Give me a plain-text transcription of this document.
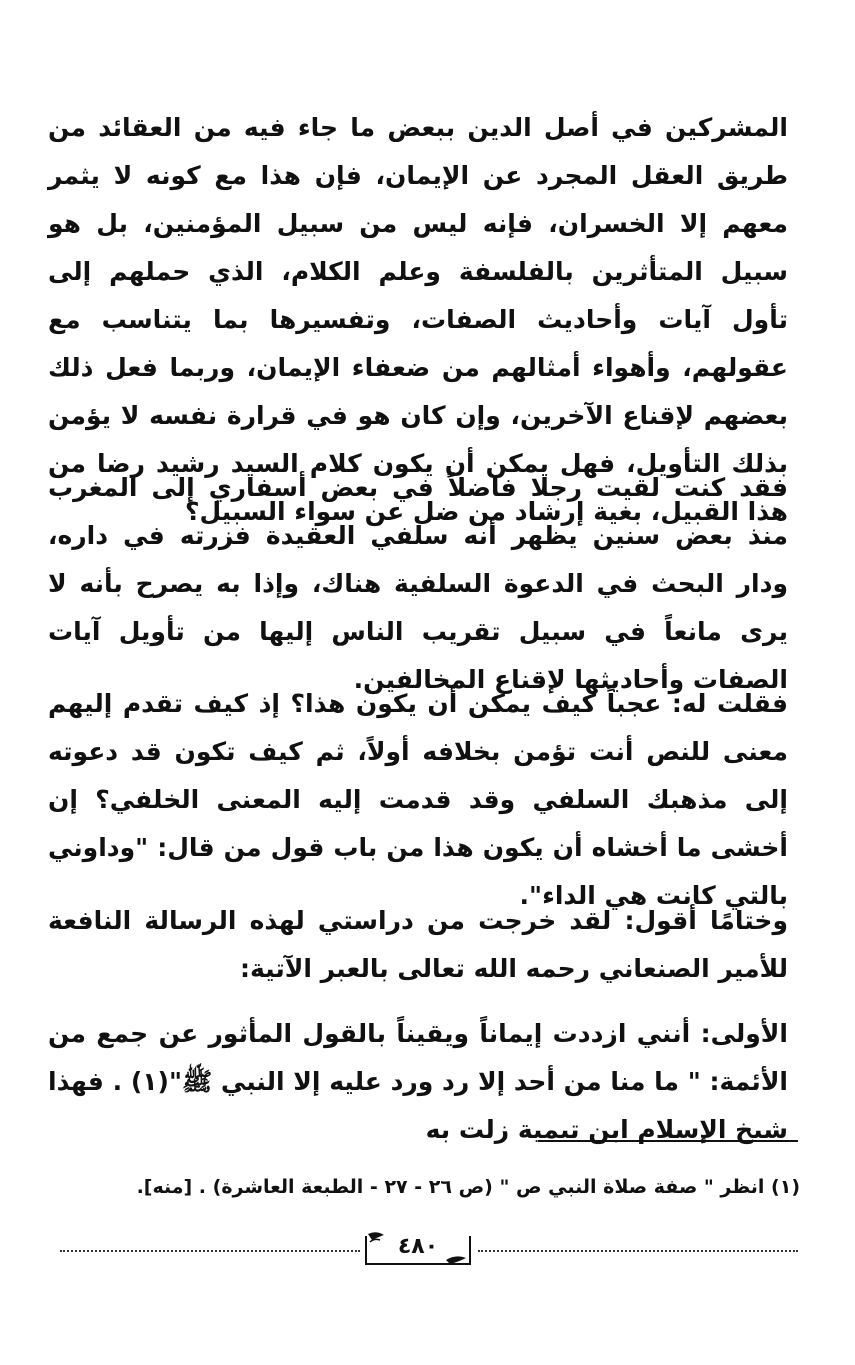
المشركين في أصل الدين ببعض ما جاء فيه من العقائد من طريق العقل المجرد عن الإيمان، فإن هذا مع كونه لا يثمر معهم إلا الخسران، فإنه ليس من سبيل المؤمنين، بل هو سبيل المتأثرين بالفلسفة وعلم الكلام، الذي حملهم إلى تأول آيات وأحاديث الصفات، وتفسيرها بما يتناسب مع عقولهم، وأهواء أمثالهم من ضعفاء الإيمان، وربما فعل ذلك بعضهم لإقناع الآخرين، وإن كان هو في قرارة نفسه لا يؤمن بذلك التأويل، فهل يمكن أن يكون كلام السيد رشيد رضا من هذا القبيل، بغية إرشاد من ضل عن سواء السبيل؟

فقد كنت لقيت رجلا فاضلاً في بعض أسفاري إلى المغرب منذ بعض سنين يظهر أنه سلفي العقيدة فزرته في داره، ودار البحث في الدعوة السلفية هناك، وإذا به يصرح بأنه لا يرى مانعاً في سبيل تقريب الناس إليها من تأويل آيات الصفات وأحاديثها لإقناع المخالفين.

فقلت له: عجباً كيف يمكن أن يكون هذا؟ إذ كيف تقدم إليهم معنى للنص أنت تؤمن بخلافه أولاً، ثم كيف تكون قد دعوته إلى مذهبك السلفي وقد قدمت إليه المعنى الخلفي؟ إن أخشى ما أخشاه أن يكون هذا من باب قول من قال: "وداوني بالتي كانت هي الداء".

وختامًا أقول: لقد خرجت من دراستي لهذه الرسالة النافعة للأمير الصنعاني رحمه الله تعالى بالعبر الآتية:

الأولى: أنني ازددت إيماناً ويقيناً بالقول المأثور عن جمع من الأئمة: " ما منا من أحد إلا رد ورد عليه إلا النبي ﷺ"(١) . فهذا شيخ الإسلام ابن تيمية زلت به

(١) انظر " صفة صلاة النبي ص " (ص ٢٦ - ٢٧ - الطبعة العاشرة) . [منه].
٤٨٠
